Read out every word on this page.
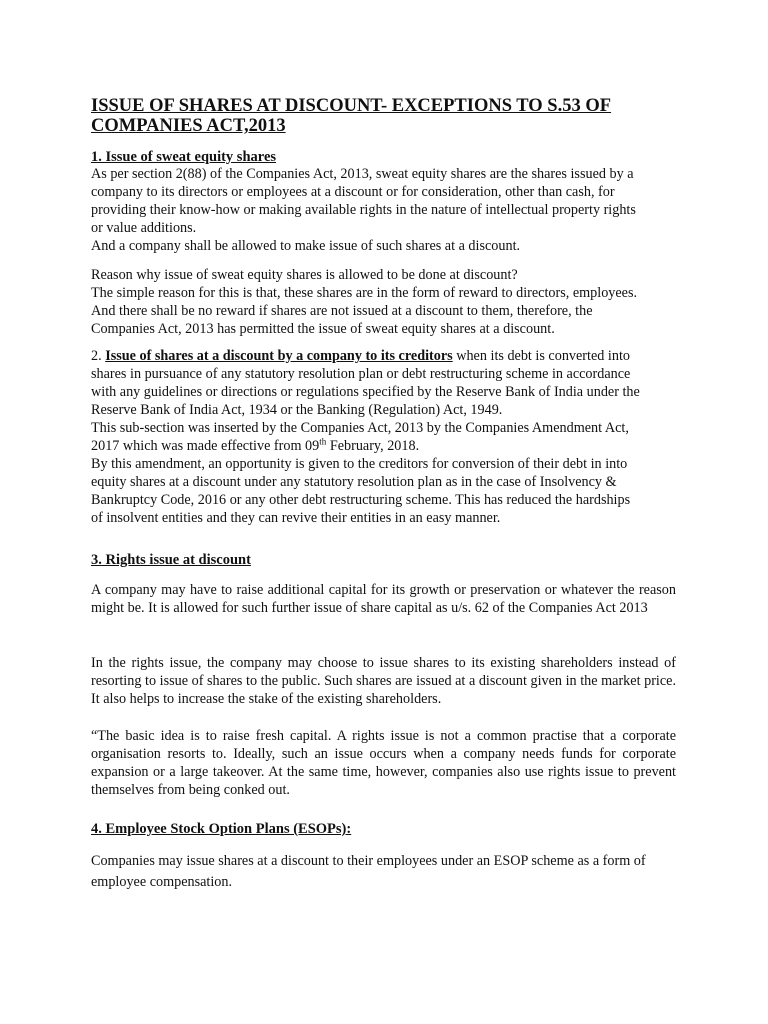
ISSUE OF SHARES AT DISCOUNT- EXCEPTIONS TO S.53 OF COMPANIES ACT,2013
1. Issue of sweat equity shares

As per section 2(88) of the Companies Act, 2013, sweat equity shares are the shares issued by a
company to its directors or employees at a discount or for consideration, other than cash, for
providing their know-how or making available rights in the nature of intellectual property rights
or value additions.
And a company shall be allowed to make issue of such shares at a discount.

Reason why issue of sweat equity shares is allowed to be done at discount?
The simple reason for this is that, these shares are in the form of reward to directors, employees.
And there shall be no reward if shares are not issued at a discount to them, therefore, the
Companies Act, 2013 has permitted the issue of sweat equity shares at a discount.

2. Issue of shares at a discount by a company to its creditors when its debt is converted into
shares in pursuance of any statutory resolution plan or debt restructuring scheme in accordance
with any guidelines or directions or regulations specified by the Reserve Bank of India under the
Reserve Bank of India Act, 1934 or the Banking (Regulation) Act, 1949.
This sub-section was inserted by the Companies Act, 2013 by the Companies Amendment Act,
2017 which was made effective from 09th February, 2018.
By this amendment, an opportunity is given to the creditors for conversion of their debt in into
equity shares at a discount under any statutory resolution plan as in the case of Insolvency &
Bankruptcy Code, 2016 or any other debt restructuring scheme. This has reduced the hardships
of insolvent entities and they can revive their entities in an easy manner.

3. Rights issue at discount

A company may have to raise additional capital for its growth or preservation or whatever the reason might be. It is allowed for such further issue of share capital as u/s. 62 of the Companies Act 2013

In the rights issue, the company may choose to issue shares to its existing shareholders instead of resorting to issue of shares to the public. Such shares are issued at a discount given in the market price. It also helps to increase the stake of the existing shareholders.

“The basic idea is to raise fresh capital. A rights issue is not a common practise that a corporate organisation resorts to. Ideally, such an issue occurs when a company needs funds for corporate expansion or a large takeover. At the same time, however, companies also use rights issue to prevent themselves from being conked out.

4. Employee Stock Option Plans (ESOPs):

Companies may issue shares at a discount to their employees under an ESOP scheme as a form of employee compensation.
